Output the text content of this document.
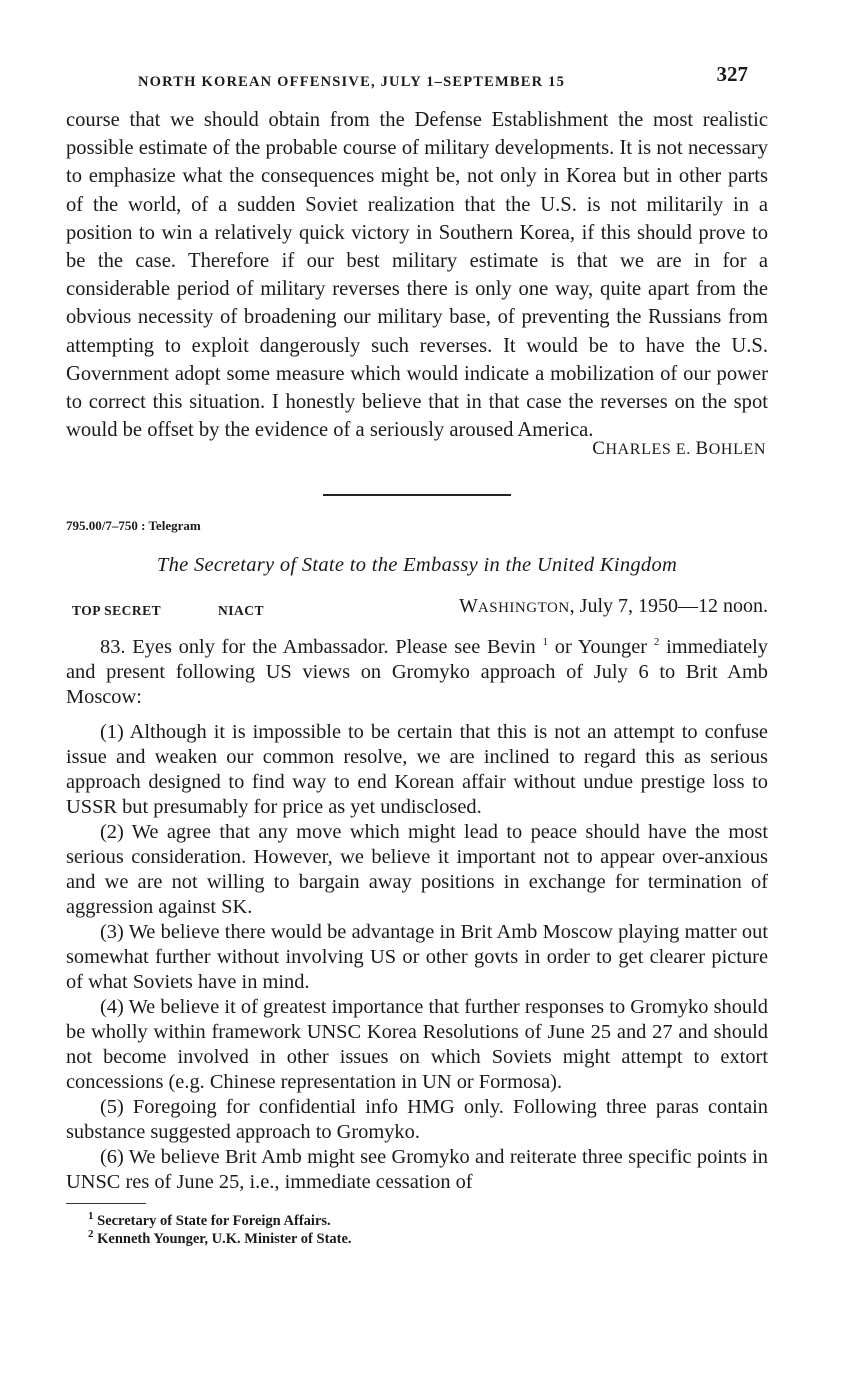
NORTH KOREAN OFFENSIVE, JULY 1–SEPTEMBER 15	327

course that we should obtain from the Defense Establishment the most realistic possible estimate of the probable course of military developments. It is not necessary to emphasize what the consequences might be, not only in Korea but in other parts of the world, of a sudden Soviet realization that the U.S. is not militarily in a position to win a relatively quick victory in Southern Korea, if this should prove to be the case. Therefore if our best military estimate is that we are in for a considerable period of military reverses there is only one way, quite apart from the obvious necessity of broadening our military base, of preventing the Russians from attempting to exploit dangerously such reverses. It would be to have the U.S. Government adopt some measure which would indicate a mobilization of our power to correct this situation. I honestly believe that in that case the reverses on the spot would be offset by the evidence of a seriously aroused America.

CHARLES E. BOHLEN
795.00/7–750 : Telegram
The Secretary of State to the Embassy in the United Kingdom
TOP SECRET	NIACT	WASHINGTON, July 7, 1950—12 noon.

83. Eyes only for the Ambassador. Please see Bevin $^1$ or Younger $^2$ immediately and present following US views on Gromyko approach of July 6 to Brit Amb Moscow:

(1) Although it is impossible to be certain that this is not an attempt to confuse issue and weaken our common resolve, we are inclined to regard this as serious approach designed to find way to end Korean affair without undue prestige loss to USSR but presumably for price as yet undisclosed.

(2) We agree that any move which might lead to peace should have the most serious consideration. However, we believe it important not to appear over-anxious and we are not willing to bargain away positions in exchange for termination of aggression against SK.

(3) We believe there would be advantage in Brit Amb Moscow playing matter out somewhat further without involving US or other govts in order to get clearer picture of what Soviets have in mind.

(4) We believe it of greatest importance that further responses to Gromyko should be wholly within framework UNSC Korea Resolutions of June 25 and 27 and should not become involved in other issues on which Soviets might attempt to extort concessions (e.g. Chinese representation in UN or Formosa).

(5) Foregoing for confidential info HMG only. Following three paras contain substance suggested approach to Gromyko.

(6) We believe Brit Amb might see Gromyko and reiterate three specific points in UNSC res of June 25, i.e., immediate cessation of

$^1$ Secretary of State for Foreign Affairs.
$^2$ Kenneth Younger, U.K. Minister of State.
